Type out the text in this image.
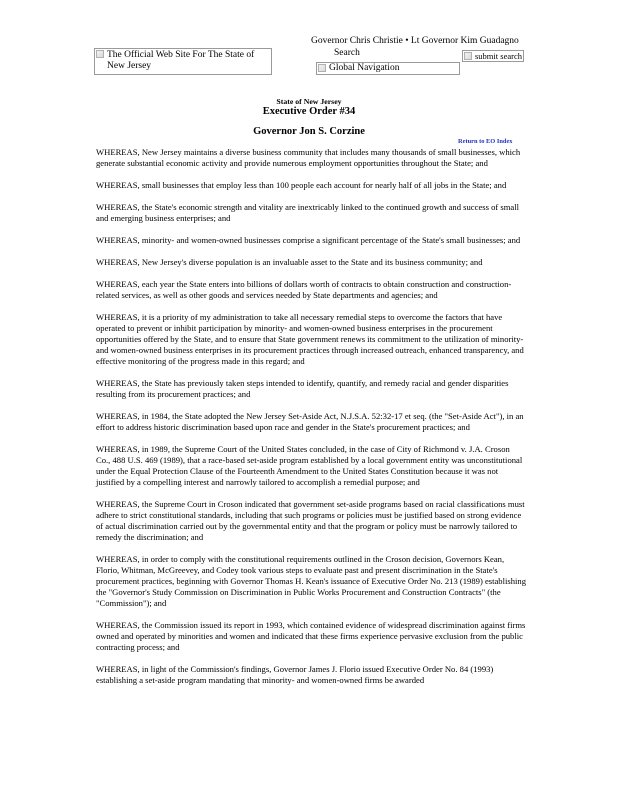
The Official Web Site For The State of New Jersey
Governor Chris Christie • Lt Governor Kim Guadagno
Search	submit search
Global Navigation
State of New Jersey
Executive Order #34
Governor Jon S. Corzine
Return to EO Index

WHEREAS, New Jersey maintains a diverse business community that includes many thousands of small businesses, which generate substantial economic activity and provide numerous employment opportunities throughout the State; and

WHEREAS, small businesses that employ less than 100 people each account for nearly half of all jobs in the State; and

WHEREAS, the State's economic strength and vitality are inextricably linked to the continued growth and success of small and emerging business enterprises; and

WHEREAS, minority- and women-owned businesses comprise a significant percentage of the State's small businesses; and

WHEREAS, New Jersey's diverse population is an invaluable asset to the State and its business community; and

WHEREAS, each year the State enters into billions of dollars worth of contracts to obtain construction and construction-related services, as well as other goods and services needed by State departments and agencies; and

WHEREAS, it is a priority of my administration to take all necessary remedial steps to overcome the factors that have operated to prevent or inhibit participation by minority- and women-owned business enterprises in the procurement opportunities offered by the State, and to ensure that State government renews its commitment to the utilization of minority- and women-owned business enterprises in its procurement practices through increased outreach, enhanced transparency, and effective monitoring of the progress made in this regard; and

WHEREAS, the State has previously taken steps intended to identify, quantify, and remedy racial and gender disparities resulting from its procurement practices; and

WHEREAS, in 1984, the State adopted the New Jersey Set-Aside Act, N.J.S.A. 52:32-17 et seq. (the "Set-Aside Act"), in an effort to address historic discrimination based upon race and gender in the State's procurement practices; and

WHEREAS, in 1989, the Supreme Court of the United States concluded, in the case of City of Richmond v. J.A. Croson Co., 488 U.S. 469 (1989), that a race-based set-aside program established by a local government entity was unconstitutional under the Equal Protection Clause of the Fourteenth Amendment to the United States Constitution because it was not justified by a compelling interest and narrowly tailored to accomplish a remedial purpose; and

WHEREAS, the Supreme Court in Croson indicated that government set-aside programs based on racial classifications must adhere to strict constitutional standards, including that such programs or policies must be justified based on strong evidence of actual discrimination carried out by the governmental entity and that the program or policy must be narrowly tailored to remedy the discrimination; and

WHEREAS, in order to comply with the constitutional requirements outlined in the Croson decision, Governors Kean, Florio, Whitman, McGreevey, and Codey took various steps to evaluate past and present discrimination in the State's procurement practices, beginning with Governor Thomas H. Kean's issuance of Executive Order No. 213 (1989) establishing the "Governor's Study Commission on Discrimination in Public Works Procurement and Construction Contracts" (the "Commission"); and

WHEREAS, the Commission issued its report in 1993, which contained evidence of widespread discrimination against firms owned and operated by minorities and women and indicated that these firms experience pervasive exclusion from the public contracting process; and

WHEREAS, in light of the Commission's findings, Governor James J. Florio issued Executive Order No. 84 (1993) establishing a set-aside program mandating that minority- and women-owned firms be awarded
